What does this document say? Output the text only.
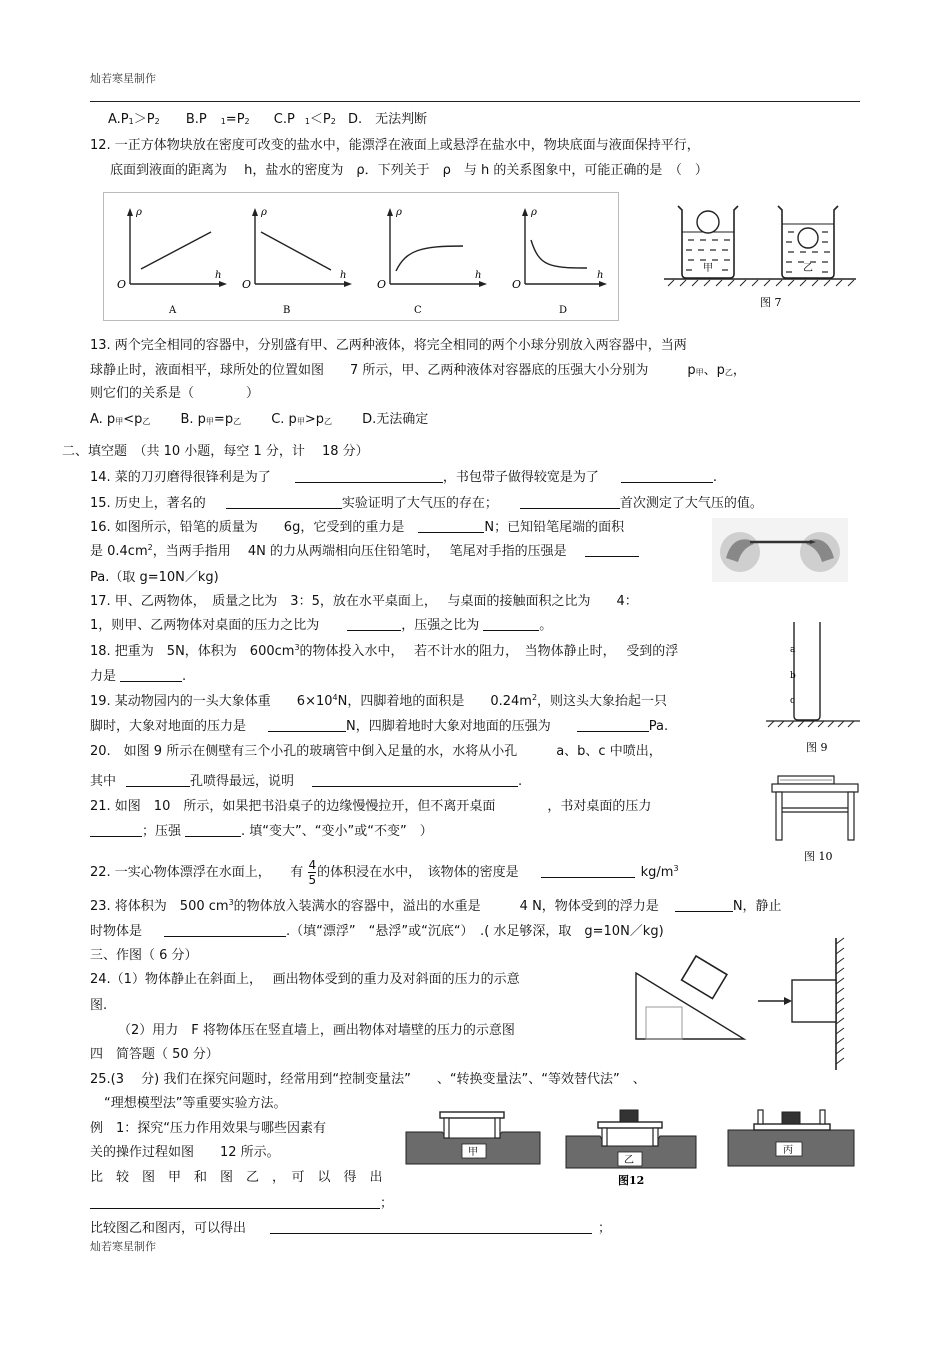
灿若寒星制作
A.P1＞P2 B.P 1=P2 C.P 1＜P2 D.　无法判断
12. 一正方体物块放在密度可改变的盐水中，能漂浮在液面上或悬浮在盐水中，物块底面与液面保持平行，
底面到液面的距离为　 h，盐水的密度为　ρ．下列关于　ρ　与 h 的关系图象中，可能正确的是　（　）
ρ
h
O
A
ρ
h
O
B
ρ
h
O
C
ρ
h
O
D
甲	乙
图 7
13. 两个完全相同的容器中，分别盛有甲、乙两种液体，将完全相同的两个小球分别放入两容器中，当两
球静止时，液面相平，球所处的位置如图　　7 所示，甲、乙两种液体对容器底的压强大小分别为　　　p甲、p乙，
则它们的关系是（　　　　）
A. p甲<p乙 B. p甲=p乙 C. p甲>p乙 D.无法确定
二、填空题　（共 10 小题，每空 1 分，计　 18 分）
14. 菜的刀刃磨得很锋利是为了	，书包带子做得较宽是为了	.
15. 历史上，著名的	实验证明了大气压的存在；	首次测定了大气压的值。
16. 如图所示，铅笔的质量为　　6g，它受到的重力是	N；已知铅笔尾端的面积
是 $0.4cm^2$，当两手指用　 4N 的力从两端相向压住铅笔时，　 笔尾对手指的压强是
Pa.（取 g=10N／kg)
17. 甲、乙两物体，　质量之比为　3：5，放在水平桌面上，　 与桌面的接触面积之比为　　4：
1，则甲、乙两物体对桌面的压力之比为	，压强之比为	。
18. 把重为　5N，体积为　$600cm^3$的物体投入水中，　 若不计水的阻力，　当物体静止时，　 受到的浮
力是	.
a
b
c
图 9
19. 某动物园内的一头大象体重　　$6\times 10^4N$，四脚着地的面积是　　$0.24m^2$，则这头大象抬起一只
脚时，大象对地面的压力是	N，四脚着地时大象对地面的压强为	Pa.
20.　如图 9 所示在侧壁有三个小孔的玻璃管中倒入足量的水，水将从小孔　　　a、b、c 中喷出，
其中	孔喷得最远，说明	.
21. 如图　10　所示，如果把书沿桌子的边缘慢慢拉开，但不离开桌面　　　　，书对桌面的压力
；压强	. 填“变大”、“变小”或“不变”　）
图 10
22. 一实心物体漂浮在水面上，　　有 $\frac{4}{5}$ 的体积浸在水中，　该物体的密度是	$kg/m^3$
23. 将体积为　500 $cm^3$的物体放入装满水的容器中，溢出的水重是　　　4 N，物体受到的浮力是	N，静止
时物体是	.（填“漂浮”　“悬浮”或“沉底“）　.( 水足够深，取　g=10N／kg)
三、作图（ 6 分）
24.（1）物体静止在斜面上，　 画出物体受到的重力及对斜面的压力的示意
图.
（2）用力　F 将物体压在竖直墙上，画出物体对墙壁的压力的示意图
四　简答题（ 50 分）
25.(3　 分) 我们在探究问题时，经常用到“控制变量法”　　、“转换变量法”、“等效替代法”　、
“理想模型法”等重要实验方法。
例　1：探究“压力作用效果与哪些因素有
关的操作过程如图　　12 所示。
比　较　图　甲　和　图　乙　，　可　以　得　出
；
比较图乙和图丙，可以得出	；
甲
乙
丙
图12
灿若寒星制作
